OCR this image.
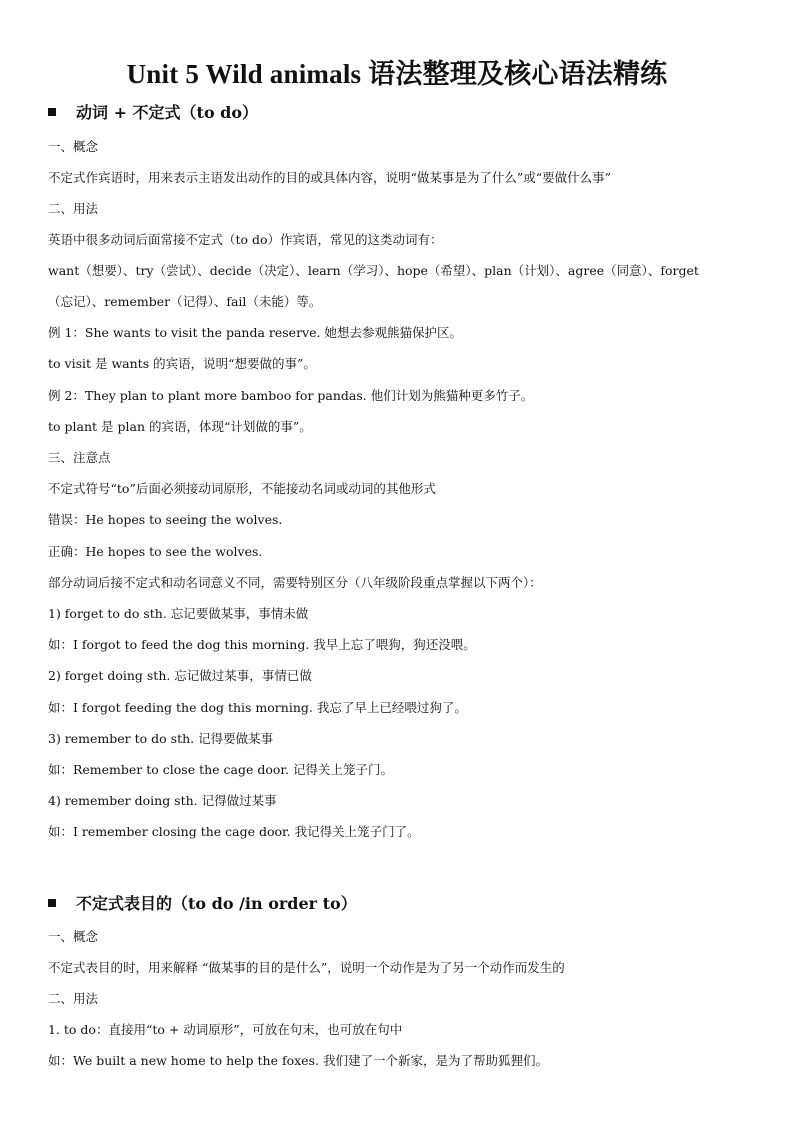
Unit 5 Wild animals 语法整理及核心语法精练
动词 + 不定式（to do）
一、概念
不定式作宾语时，用来表示主语发出动作的目的或具体内容，说明“做某事是为了什么”或“要做什么事”
二、用法
英语中很多动词后面常接不定式（to do）作宾语，常见的这类动词有：
want（想要）、try（尝试）、decide（决定）、learn（学习）、hope（希望）、plan（计划）、agree（同意）、forget
（忘记）、remember（记得）、fail（未能）等。
例 1：She wants to visit the panda reserve. 她想去参观熊猫保护区。
to visit 是 wants 的宾语，说明“想要做的事”。
例 2：They plan to plant more bamboo for pandas. 他们计划为熊猫种更多竹子。
to plant 是 plan 的宾语，体现“计划做的事”。
三、注意点
不定式符号“to”后面必须接动词原形，不能接动名词或动词的其他形式
错误：He hopes to seeing the wolves.
正确：He hopes to see the wolves.
部分动词后接不定式和动名词意义不同，需要特别区分（八年级阶段重点掌握以下两个）：
1) forget to do sth. 忘记要做某事，事情未做
如：I forgot to feed the dog this morning. 我早上忘了喂狗，狗还没喂。
2) forget doing sth. 忘记做过某事，事情已做
如：I forgot feeding the dog this morning. 我忘了早上已经喂过狗了。
3) remember to do sth. 记得要做某事
如：Remember to close the cage door. 记得关上笼子门。
4) remember doing sth. 记得做过某事
如：I remember closing the cage door. 我记得关上笼子门了。
不定式表目的（to do /in order to）
一、概念
不定式表目的时，用来解释 “做某事的目的是什么”，说明一个动作是为了另一个动作而发生的
二、用法
1. to do：直接用“to + 动词原形”，可放在句末，也可放在句中
如：We built a new home to help the foxes. 我们建了一个新家，是为了帮助狐狸们。
